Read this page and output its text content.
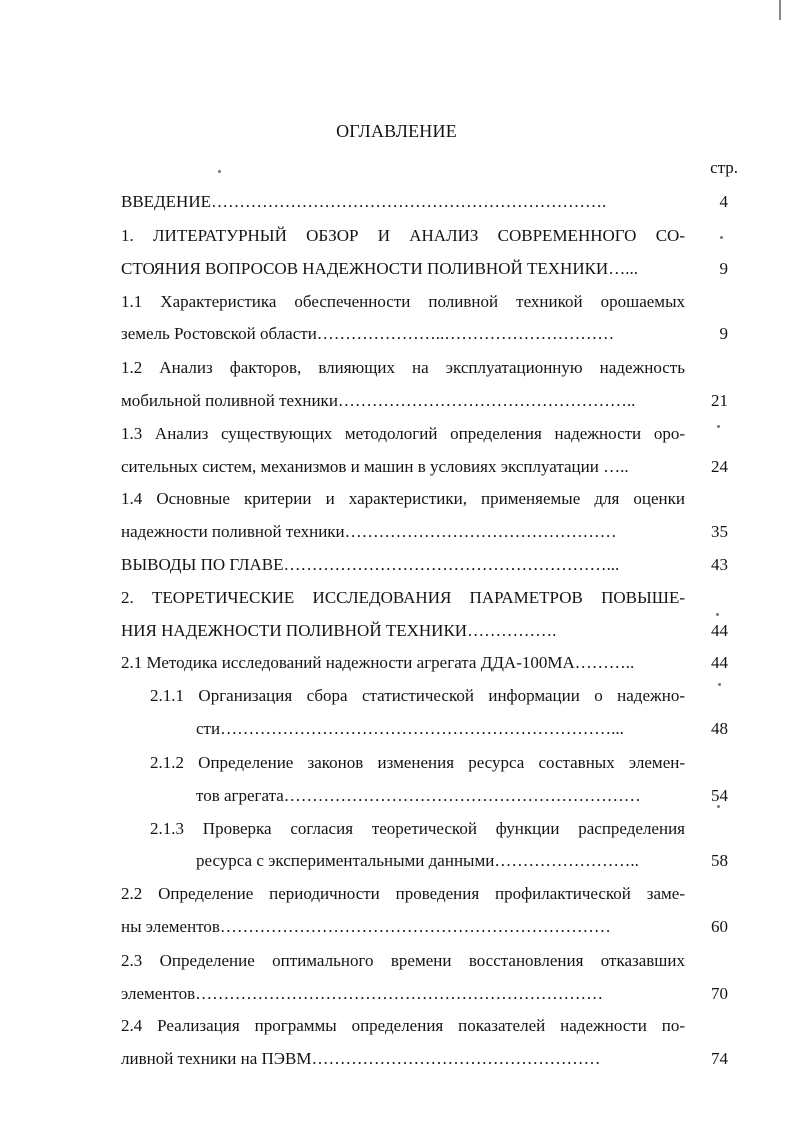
ОГЛАВЛЕНИЕ
стр.
ВВЕДЕНИЕ…………………………………………………………….	4
1. ЛИТЕРАТУРНЫЙ ОБЗОР И АНАЛИЗ СОВРЕМЕННОГО СО-
СТОЯНИЯ ВОПРОСОВ НАДЕЖНОСТИ ПОЛИВНОЙ ТЕХНИКИ…...	9
1.1 Характеристика обеспеченности поливной техникой орошаемых
земель Ростовской области…………………..…………………………	9
1.2 Анализ факторов, влияющих на эксплуатационную надежность
мобильной поливной техники……………………………………………..	21
1.3 Анализ существующих методологий определения надежности оро-
сительных систем, механизмов и машин в условиях эксплуатации …..	24
1.4 Основные критерии и характеристики, применяемые для оценки
надежности поливной техники…………………………………………	35
ВЫВОДЫ ПО ГЛАВЕ…………………………………………………...	43
2. ТЕОРЕТИЧЕСКИЕ ИССЛЕДОВАНИЯ ПАРАМЕТРОВ ПОВЫШЕ-
НИЯ НАДЕЖНОСТИ ПОЛИВНОЙ ТЕХНИКИ…………….	44
2.1 Методика исследований надежности агрегата ДДА-100МА………..	44
2.1.1 Организация сбора статистической информации о надежно-
сти……………………………………………………………...	48
2.1.2 Определение законов изменения ресурса составных элемен-
тов агрегата………………………………………………………	54
2.1.3 Проверка согласия теоретической функции распределения
ресурса с экспериментальными данными……………………..	58
2.2 Определение периодичности проведения профилактической заме-
ны элементов……………………………………………………………	60
2.3 Определение оптимального времени восстановления отказавших
элементов………………………………………………………………	70
2.4 Реализация программы определения показателей надежности по-
ливной техники на ПЭВМ……………………………………………	74
